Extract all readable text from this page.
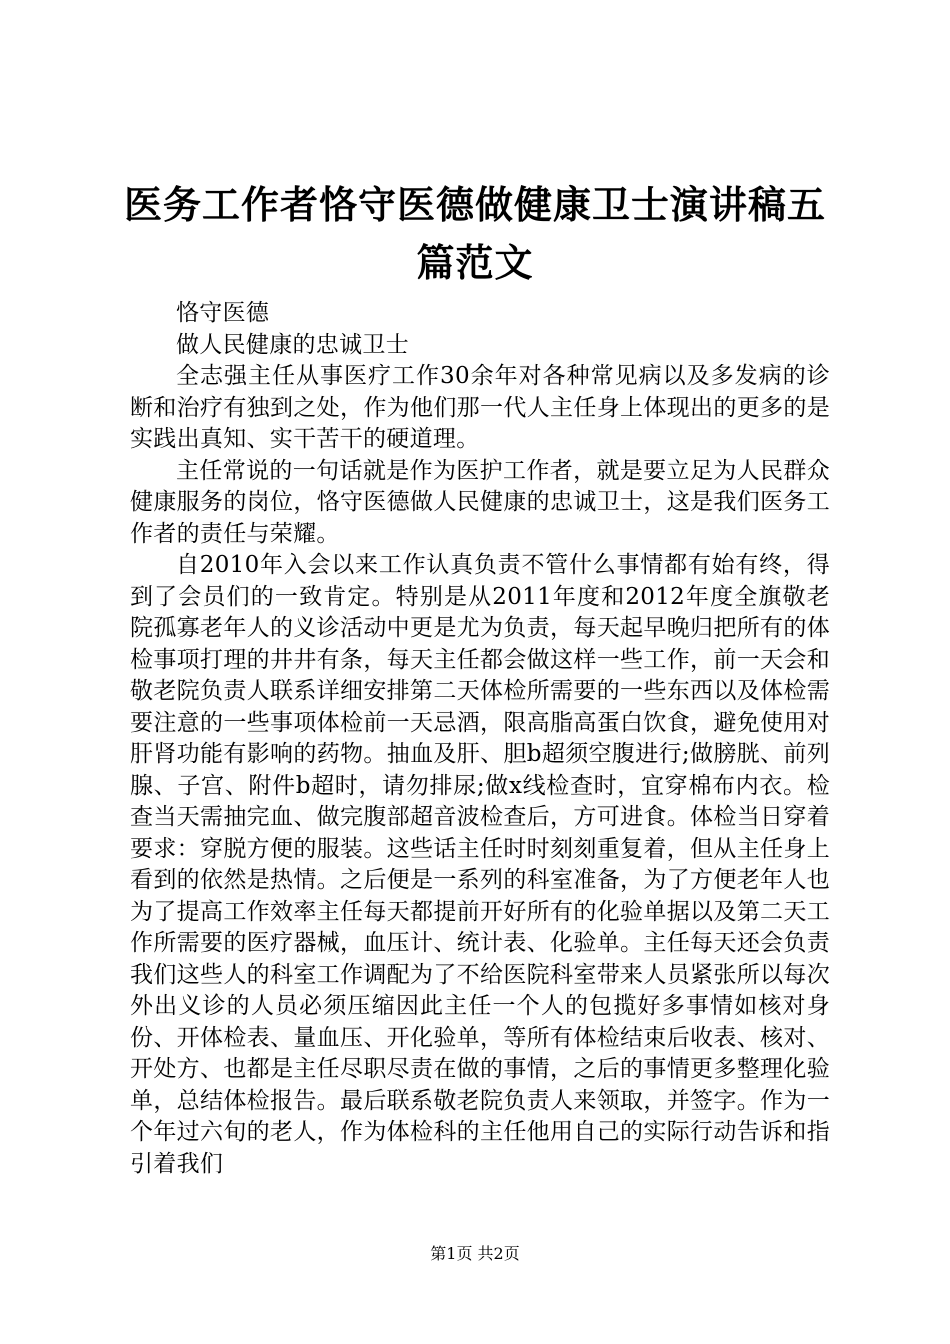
医务工作者恪守医德做健康卫士演讲稿五篇范文

恪守医德

做人民健康的忠诚卫士

全志强主任从事医疗工作30余年对各种常见病以及多发病的诊断和治疗有独到之处，作为他们那一代人主任身上体现出的更多的是实践出真知、实干苦干的硬道理。

主任常说的一句话就是作为医护工作者，就是要立足为人民群众健康服务的岗位，恪守医德做人民健康的忠诚卫士，这是我们医务工作者的责任与荣耀。

自2010年入会以来工作认真负责不管什么事情都有始有终，得到了会员们的一致肯定。特别是从2011年度和2012年度全旗敬老院孤寡老年人的义诊活动中更是尤为负责，每天起早晚归把所有的体检事项打理的井井有条，每天主任都会做这样一些工作，前一天会和敬老院负责人联系详细安排第二天体检所需要的一些东西以及体检需要注意的一些事项体检前一天忌酒，限高脂高蛋白饮食，避免使用对肝肾功能有影响的药物。抽血及肝、胆b超须空腹进行;做膀胱、前列腺、子宫、附件b超时，请勿排尿;做x线检查时，宜穿棉布内衣。检查当天需抽完血、做完腹部超音波检查后，方可进食。体检当日穿着要求：穿脱方便的服装。这些话主任时时刻刻重复着，但从主任身上看到的依然是热情。之后便是一系列的科室准备，为了方便老年人也为了提高工作效率主任每天都提前开好所有的化验单据以及第二天工作所需要的医疗器械，血压计、统计表、化验单。主任每天还会负责我们这些人的科室工作调配为了不给医院科室带来人员紧张所以每次外出义诊的人员必须压缩因此主任一个人的包揽好多事情如核对身份、开体检表、量血压、开化验单，等所有体检结束后收表、核对、开处方、也都是主任尽职尽责在做的事情，之后的事情更多整理化验单，总结体检报告。最后联系敬老院负责人来领取，并签字。作为一个年过六旬的老人，作为体检科的主任他用自己的实际行动告诉和指引着我们

第1页 共2页
